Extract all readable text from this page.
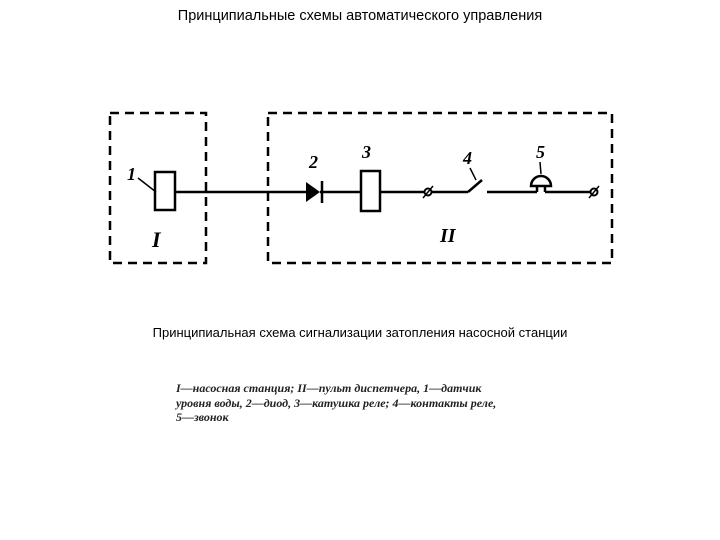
Принципиальные схемы автоматического управления
1
2 3	4	5
I	II
Принципиальная схема сигнализации затопления насосной станции
I—насосная станция; II—пульт диспетчера, 1—датчик
уровня воды, 2—диод, 3—катушка реле; 4—контакты реле,
5—звонок
